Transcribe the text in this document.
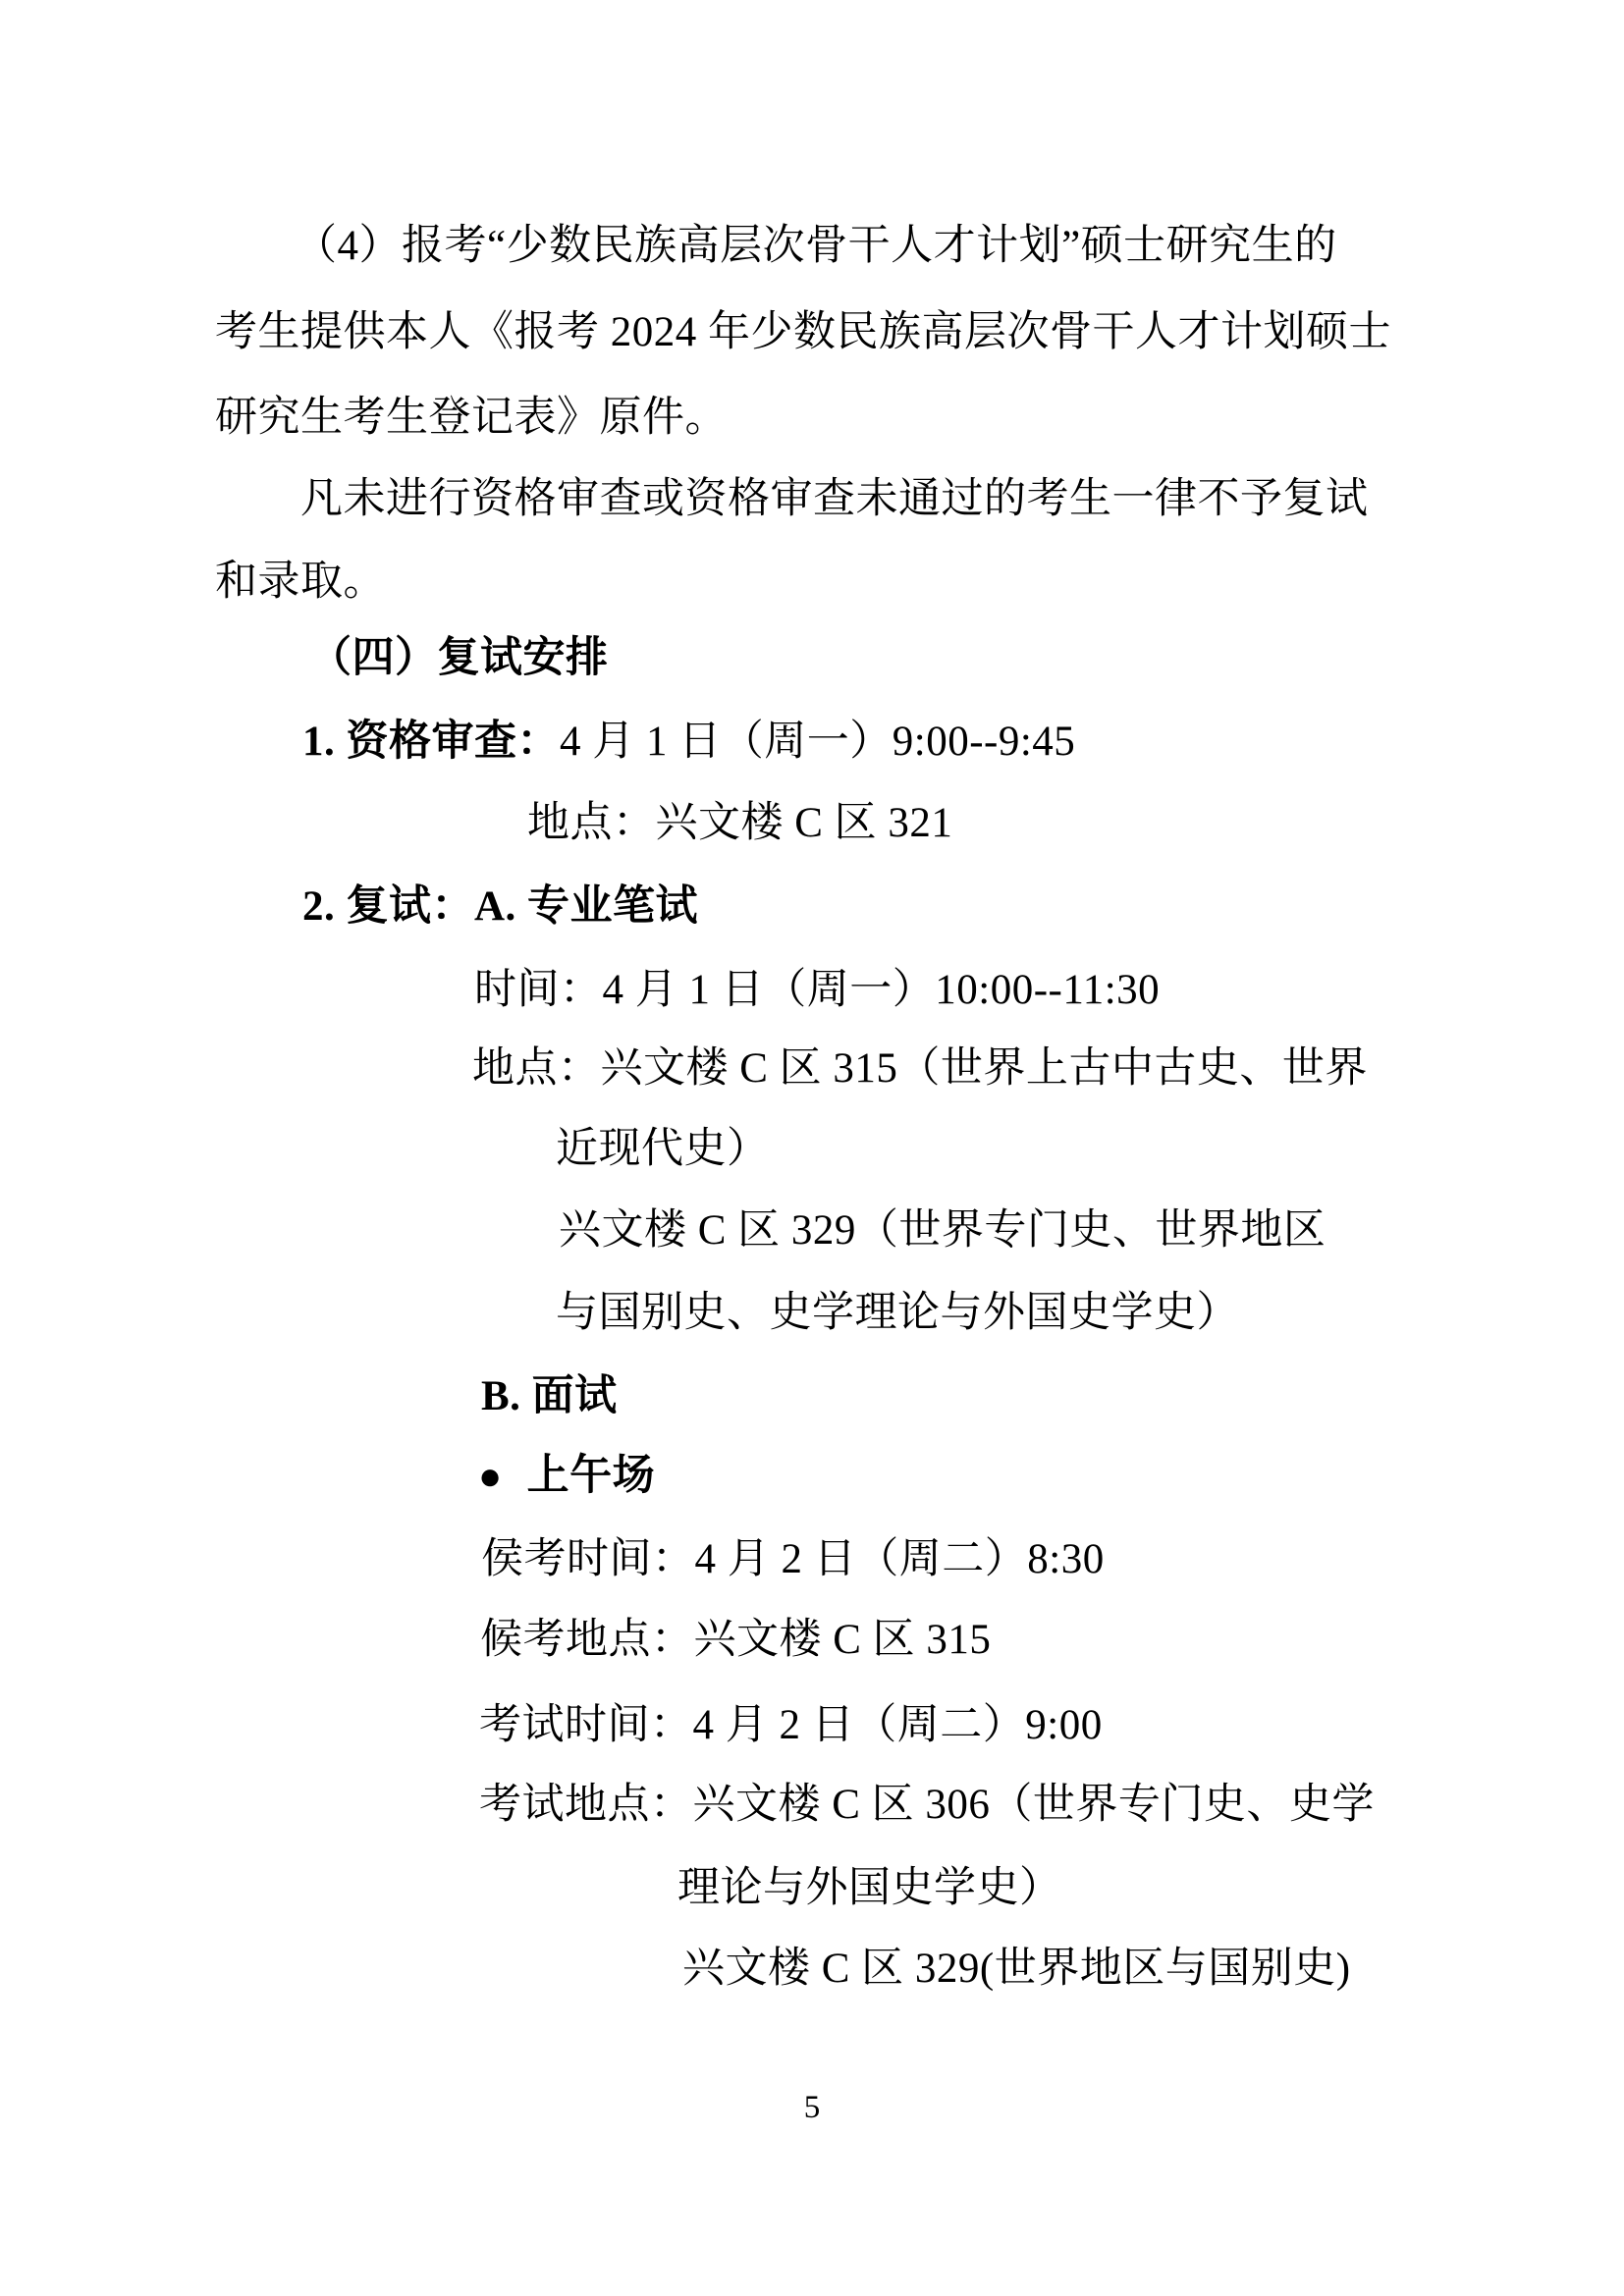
（4）报考“少数民族高层次骨干人才计划”硕士研究生的
考生提供本人《报考 2024 年少数民族高层次骨干人才计划硕士
研究生考生登记表》原件。
凡未进行资格审查或资格审查未通过的考生一律不予复试
和录取。
（四）复试安排
1. 资格审查：4 月 1 日（周一）9:00--9:45
地点：兴文楼 C 区 321
2. 复试：A. 专业笔试
时间：4 月 1 日（周一）10:00--11:30
地点：兴文楼 C 区 315（世界上古中古史、世界
近现代史）
兴文楼 C 区 329（世界专门史、世界地区
与国别史、史学理论与外国史学史）
B. 面试
● 上午场
侯考时间：4 月 2 日（周二）8:30
候考地点：兴文楼 C 区 315
考试时间：4 月 2 日（周二）9:00
考试地点：兴文楼 C 区 306（世界专门史、史学
理论与外国史学史）
兴文楼 C 区 329(世界地区与国别史)
5
